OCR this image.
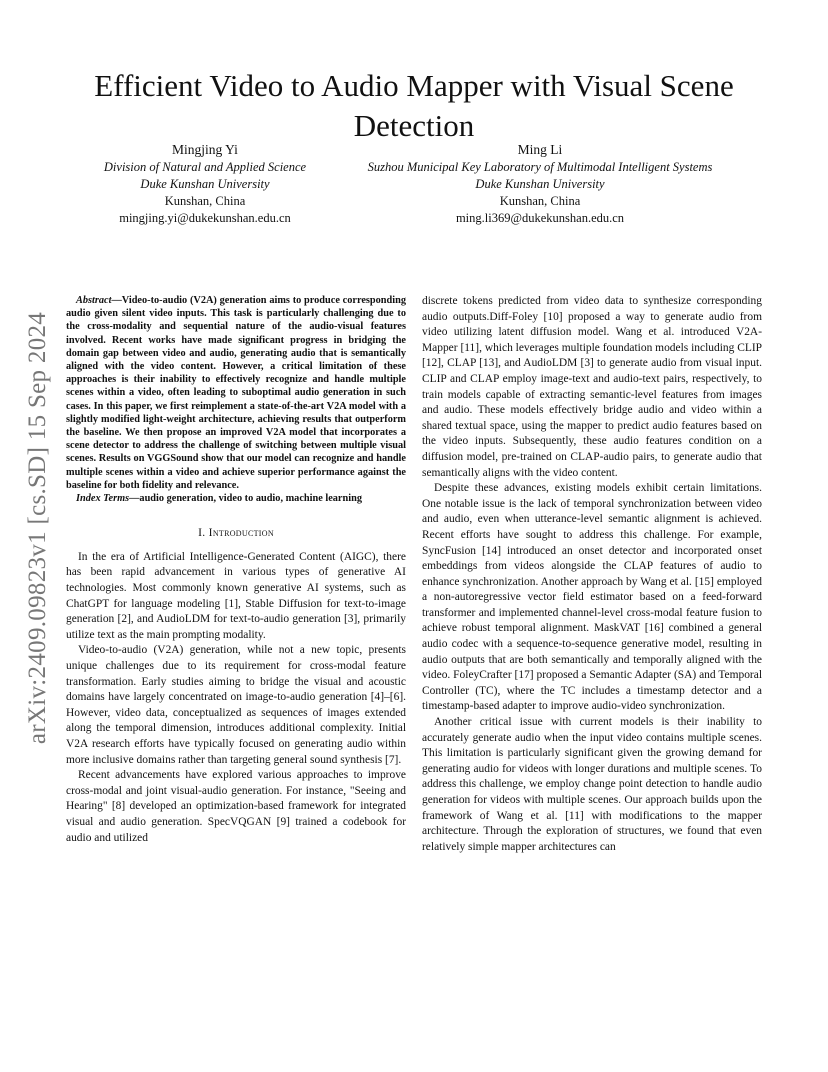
Efficient Video to Audio Mapper with Visual Scene Detection
Mingjing Yi
Division of Natural and Applied Science
Duke Kunshan University
Kunshan, China
mingjing.yi@dukekunshan.edu.cn
Ming Li
Suzhou Municipal Key Laboratory of Multimodal Intelligent Systems
Duke Kunshan University
Kunshan, China
ming.li369@dukekunshan.edu.cn
arXiv:2409.09823v1 [cs.SD] 15 Sep 2024

Abstract—Video-to-audio (V2A) generation aims to produce corresponding audio given silent video inputs. This task is particularly challenging due to the cross-modality and sequential nature of the audio-visual features involved. Recent works have made significant progress in bridging the domain gap between video and audio, generating audio that is semantically aligned with the video content. However, a critical limitation of these approaches is their inability to effectively recognize and handle multiple scenes within a video, often leading to suboptimal audio generation in such cases. In this paper, we first reimplement a state-of-the-art V2A model with a slightly modified light-weight architecture, achieving results that outperform the baseline. We then propose an improved V2A model that incorporates a scene detector to address the challenge of switching between multiple visual scenes. Results on VGGSound show that our model can recognize and handle multiple scenes within a video and achieve superior performance against the baseline for both fidelity and relevance.

Index Terms—audio generation, video to audio, machine learning

I. Introduction

In the era of Artificial Intelligence-Generated Content (AIGC), there has been rapid advancement in various types of generative AI technologies. Most commonly known generative AI systems, such as ChatGPT for language modeling [1], Stable Diffusion for text-to-image generation [2], and AudioLDM for text-to-audio generation [3], primarily utilize text as the main prompting modality.

Video-to-audio (V2A) generation, while not a new topic, presents unique challenges due to its requirement for cross-modal feature transformation. Early studies aiming to bridge the visual and acoustic domains have largely concentrated on image-to-audio generation [4]–[6]. However, video data, conceptualized as sequences of images extended along the temporal dimension, introduces additional complexity. Initial V2A research efforts have typically focused on generating audio within more inclusive domains rather than targeting general sound synthesis [7].

Recent advancements have explored various approaches to improve cross-modal and joint visual-audio generation. For instance, "Seeing and Hearing" [8] developed an optimization-based framework for integrated visual and audio generation. SpecVQGAN [9] trained a codebook for audio and utilized

discrete tokens predicted from video data to synthesize corresponding audio outputs.Diff-Foley [10] proposed a way to generate audio from video utilizing latent diffusion model. Wang et al. introduced V2A-Mapper [11], which leverages multiple foundation models including CLIP [12], CLAP [13], and AudioLDM [3] to generate audio from visual input. CLIP and CLAP employ image-text and audio-text pairs, respectively, to train models capable of extracting semantic-level features from images and audio. These models effectively bridge audio and video within a shared textual space, using the mapper to predict audio features based on the video inputs. Subsequently, these audio features condition on a diffusion model, pre-trained on CLAP-audio pairs, to generate audio that semantically aligns with the video content.

Despite these advances, existing models exhibit certain limitations. One notable issue is the lack of temporal synchronization between video and audio, even when utterance-level semantic alignment is achieved. Recent efforts have sought to address this challenge. For example, SyncFusion [14] introduced an onset detector and incorporated onset embeddings from videos alongside the CLAP features of audio to enhance synchronization. Another approach by Wang et al. [15] employed a non-autoregressive vector field estimator based on a feed-forward transformer and implemented channel-level cross-modal feature fusion to achieve robust temporal alignment. MaskVAT [16] combined a general audio codec with a sequence-to-sequence generative model, resulting in audio outputs that are both semantically and temporally aligned with the video. FoleyCrafter [17] proposed a Semantic Adapter (SA) and Temporal Controller (TC), where the TC includes a timestamp detector and a timestamp-based adapter to improve audio-video synchronization.

Another critical issue with current models is their inability to accurately generate audio when the input video contains multiple scenes. This limitation is particularly significant given the growing demand for generating audio for videos with longer durations and multiple scenes. To address this challenge, we employ change point detection to handle audio generation for videos with multiple scenes. Our approach builds upon the framework of Wang et al. [11] with modifications to the mapper architecture. Through the exploration of structures, we found that even relatively simple mapper architectures can
